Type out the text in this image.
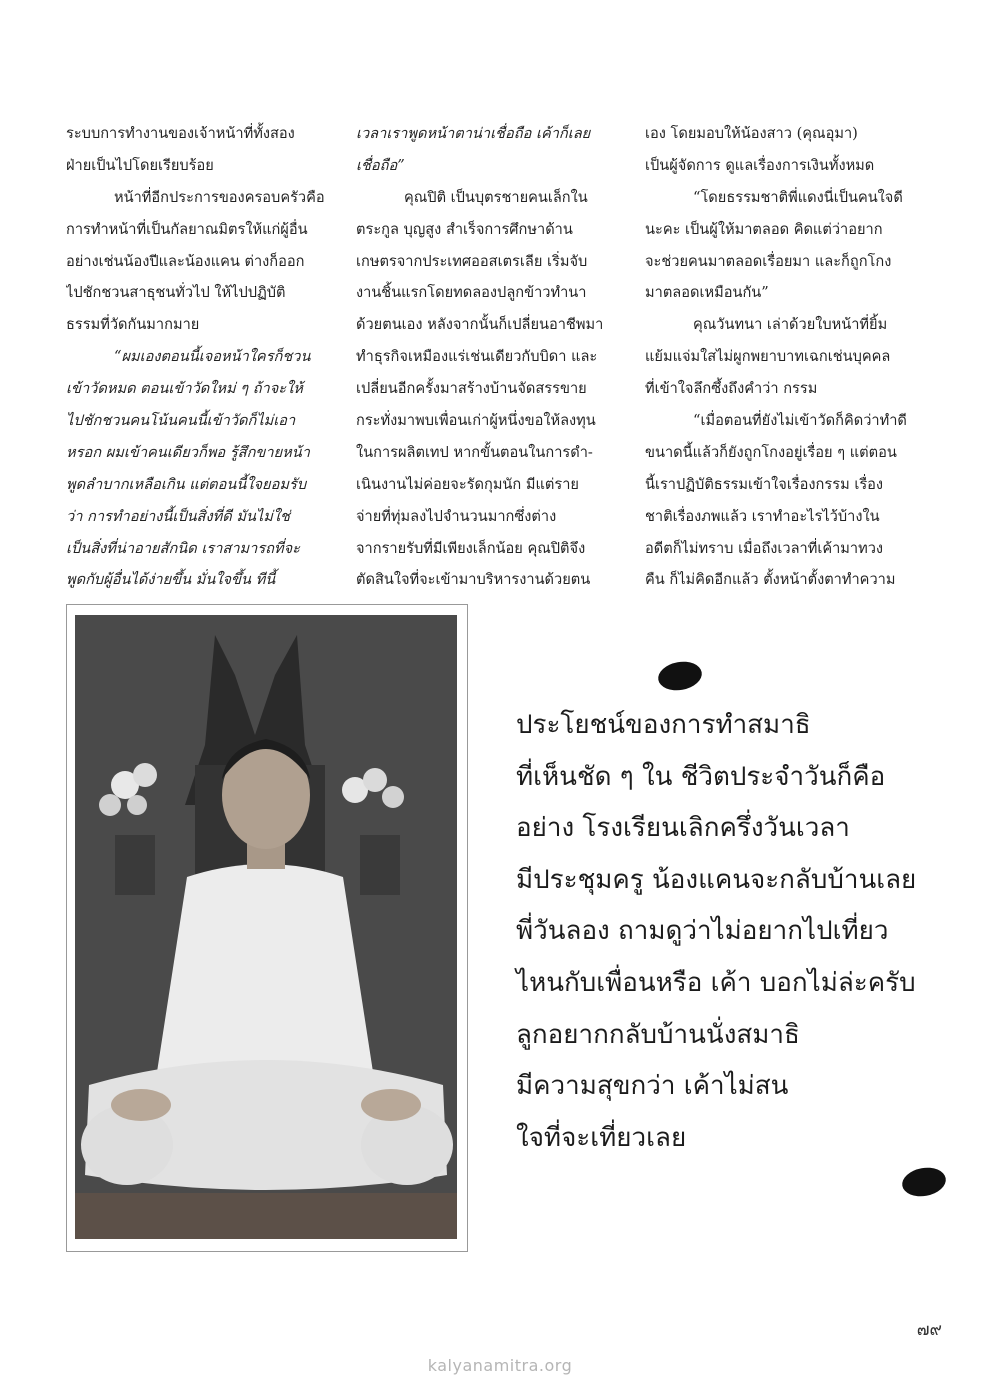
ระบบการทำงานของเจ้าหน้าที่ทั้งสอง
ฝ่ายเป็นไปโดยเรียบร้อย
หน้าที่อีกประการของครอบครัวคือ
การทำหน้าที่เป็นกัลยาณมิตรให้แก่ผู้อื่น
อย่างเช่นน้องปีและน้องแคน ต่างก็ออก
ไปชักชวนสาธุชนทั่วไป ให้ไปปฏิบัติ
ธรรมที่วัดกันมากมาย
“ผมเองตอนนี้เจอหน้าใครก็ชวน
เข้าวัดหมด ตอนเข้าวัดใหม่ ๆ ถ้าจะให้
ไปชักชวนคนโน้นคนนี้เข้าวัดก็ไม่เอา
หรอก ผมเข้าคนเดียวก็พอ รู้สึกขายหน้า
พูดลำบากเหลือเกิน แต่ตอนนี้ใจยอมรับ
ว่า การทำอย่างนี้เป็นสิ่งที่ดี มันไม่ใช่
เป็นสิ่งที่น่าอายสักนิด เราสามารถที่จะ
พูดกับผู้อื่นได้ง่ายขึ้น มั่นใจขึ้น ทีนี้
เวลาเราพูดหน้าตาน่าเชื่อถือ เค้าก็เลย
เชื่อถือ”
คุณปิติ เป็นบุตรชายคนเล็กใน
ตระกูล บุญสูง สำเร็จการศึกษาด้าน
เกษตรจากประเทศออสเตรเลีย เริ่มจับ
งานชิ้นแรกโดยทดลองปลูกข้าวทำนา
ด้วยตนเอง หลังจากนั้นก็เปลี่ยนอาชีพมา
ทำธุรกิจเหมืองแร่เช่นเดียวกับบิดา และ
เปลี่ยนอีกครั้งมาสร้างบ้านจัดสรรขาย
กระทั่งมาพบเพื่อนเก่าผู้หนึ่งขอให้ลงทุน
ในการผลิตเทป หากขั้นตอนในการดำ-
เนินงานไม่ค่อยจะรัดกุมนัก มีแต่ราย
จ่ายที่ทุ่มลงไปจำนวนมากซึ่งต่าง
จากรายรับที่มีเพียงเล็กน้อย คุณปิติจึง
ตัดสินใจที่จะเข้ามาบริหารงานด้วยตน
เอง โดยมอบให้น้องสาว (คุณอุมา)
เป็นผู้จัดการ ดูแลเรื่องการเงินทั้งหมด
“โดยธรรมชาติพี่แดงนี่เป็นคนใจดี
นะคะ เป็นผู้ให้มาตลอด คิดแต่ว่าอยาก
จะช่วยคนมาตลอดเรื่อยมา และก็ถูกโกง
มาตลอดเหมือนกัน”
คุณวันทนา เล่าด้วยใบหน้าที่ยิ้ม
แย้มแจ่มใสไม่ผูกพยาบาทเฉกเช่นบุคคล
ที่เข้าใจลึกซึ้งถึงคำว่า กรรม
“เมื่อตอนที่ยังไม่เข้าวัดก็คิดว่าทำดี
ขนาดนี้แล้วก็ยังถูกโกงอยู่เรื่อย ๆ แต่ตอน
นี้เราปฏิบัติธรรมเข้าใจเรื่องกรรม เรื่อง
ชาติเรื่องภพแล้ว เราทำอะไรไว้บ้างใน
อดีตก็ไม่ทราบ เมื่อถึงเวลาที่เค้ามาทวง
คืน ก็ไม่คิดอีกแล้ว ตั้งหน้าตั้งตาทำความ
ประโยชน์ของการทำสมาธิ
ที่เห็นชัด ๆ ใน ชีวิตประจำวันก็คือ
อย่าง โรงเรียนเลิกครึ่งวันเวลา
มีประชุมครู น้องแคนจะกลับบ้านเลย
พี่วันลอง ถามดูว่าไม่อยากไปเที่ยว
ไหนกับเพื่อนหรือ เค้า บอกไม่ล่ะครับ
ลูกอยากกลับบ้านนั่งสมาธิ
มีความสุขกว่า เค้าไม่สน
ใจที่จะเที่ยวเลย
๗๙
kalyanamitra.org
